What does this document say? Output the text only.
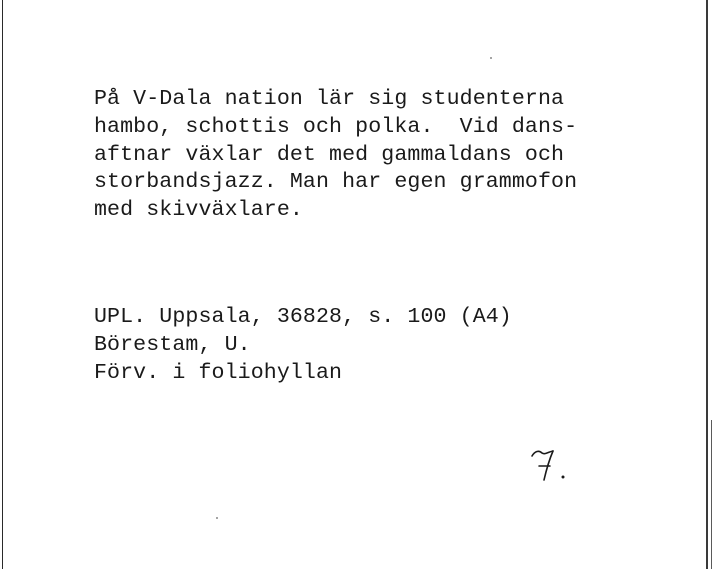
På V-Dala nation lär sig studenterna
hambo, schottis och polka.  Vid dans-
aftnar växlar det med gammaldans och
storbandsjazz. Man har egen grammofon
med skivväxlare.
UPL. Uppsala, 36828, s. 100 (A4)
Börestam, U.
Förv. i foliohyllan
